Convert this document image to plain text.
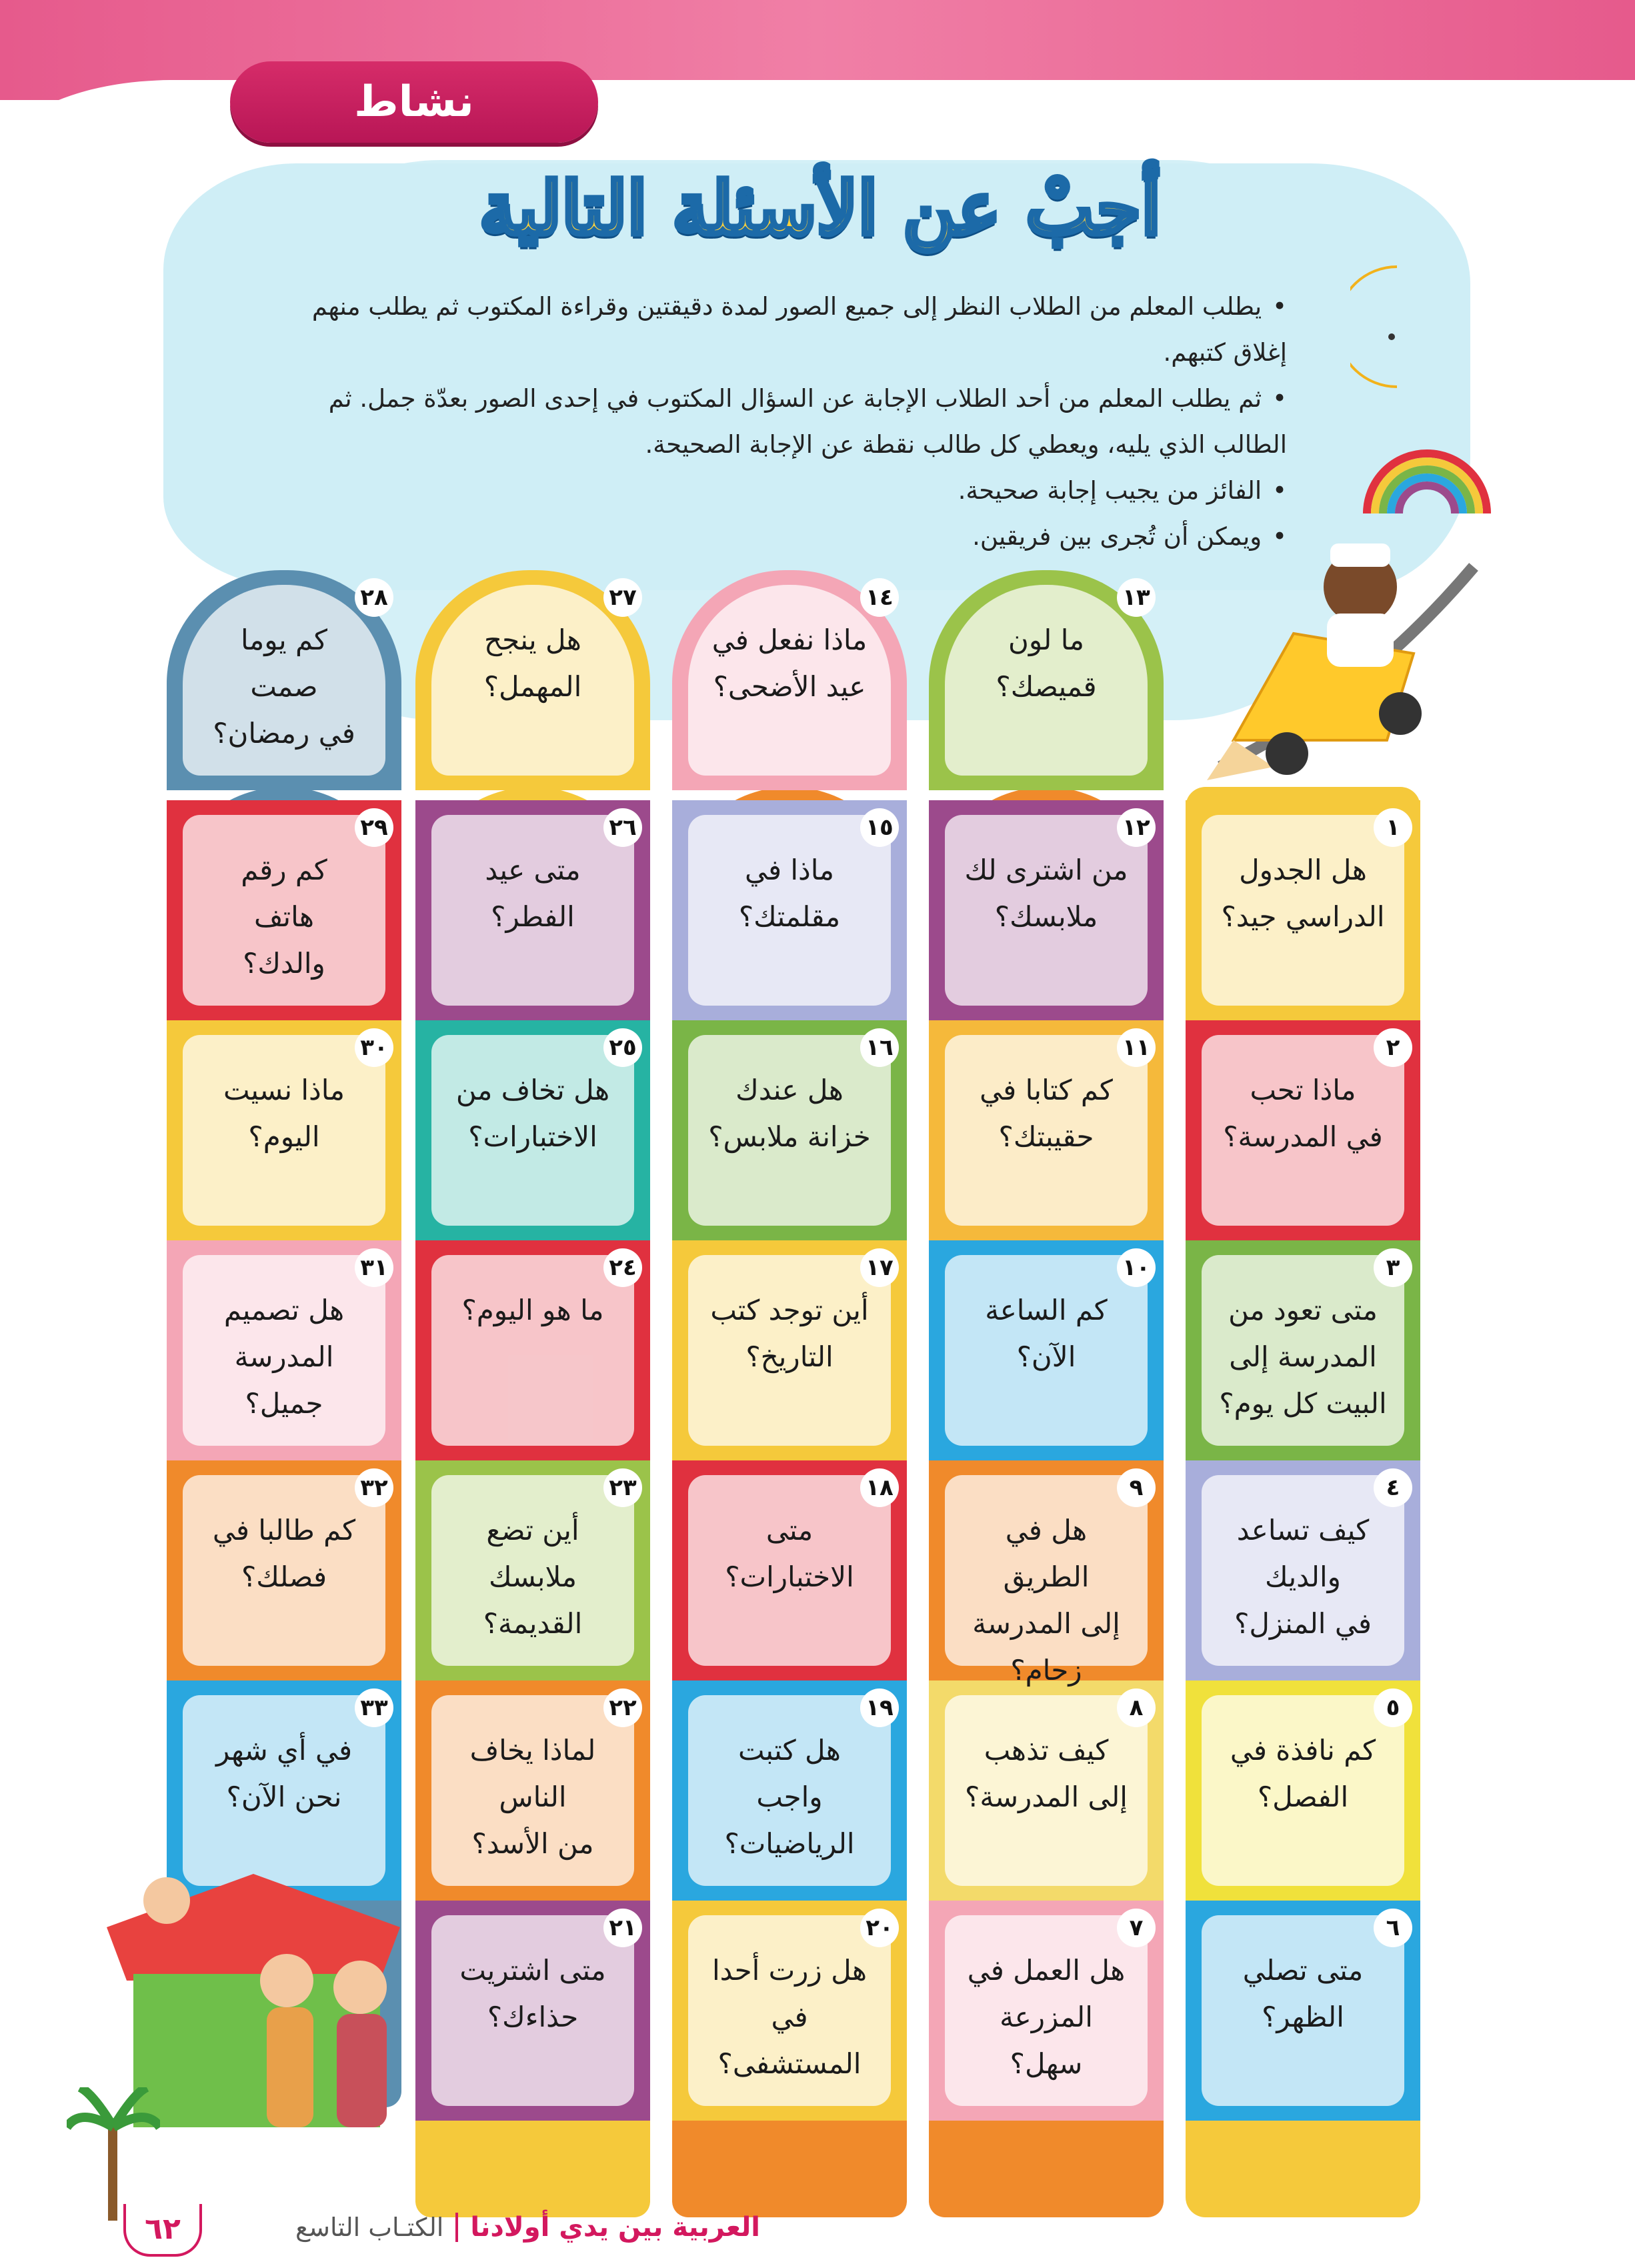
نشاط
أجبْ عن الأسئلة التالية
• يطلب المعلم من الطلاب النظر إلى جميع الصور لمدة دقيقتين وقراءة المكتوب ثم يطلب منهم إغلاق كتبهم.
• ثم يطلب المعلم من أحد الطلاب الإجابة عن السؤال المكتوب في إحدى الصور بعدّة جمل. ثم الطالب الذي يليه، ويعطي كل طالب نقطة عن الإجابة الصحيحة.
• الفائز من يجيب إجابة صحيحة.
• ويمكن أن تُجرى بين فريقين.
١
هل الجدول
الدراسي جيد؟
٢
ماذا تحب
في المدرسة؟
٣
متى تعود من
المدرسة إلى
البيت كل يوم؟
٤
كيف تساعد
والديك
في المنزل؟
٥
كم نافذة في
الفصل؟
٦
متى تصلي
الظهر؟
٧
هل العمل في
المزرعة سهل؟
٨
كيف تذهب
إلى المدرسة؟
٩
هل في الطريق
إلى المدرسة
زحام؟
١٠
كم الساعة
الآن؟
١١
كم كتابا في
حقيبتك؟
١٢
من اشترى لك
ملابسك؟
١٣
ما لون
قميصك؟
١٤
ماذا نفعل في
عيد الأضحى؟
١٥
ماذا في مقلمتك؟
١٦
هل عندك
خزانة ملابس؟
١٧
أين توجد كتب
التاريخ؟
١٨
متى
الاختبارات؟
١٩
هل كتبت
واجب
الرياضيات؟
٢٠
هل زرت أحدا
في المستشفى؟
٢١
متى اشتريت
حذاءك؟
٢٢
لماذا يخاف الناس
من الأسد؟
٢٣
أين تضع
ملابسك
القديمة؟
٢٤
ما هو اليوم؟
٢٥
هل تخاف من
الاختبارات؟
٢٦
متى عيد
الفطر؟
٢٧
هل ينجح
المهمل؟
٢٨
كم يوما
صمت
في رمضان؟
٢٩
كم رقم
هاتف
والدك؟
٣٠
ماذا نسيت
اليوم؟
٣١
هل تصميم
المدرسة جميل؟
٣٢
كم طالبا في
فصلك؟
٣٣
في أي شهر
نحن الآن؟
٦٢	العربية بين يدي أولادنا
الكتـاب التاسع
